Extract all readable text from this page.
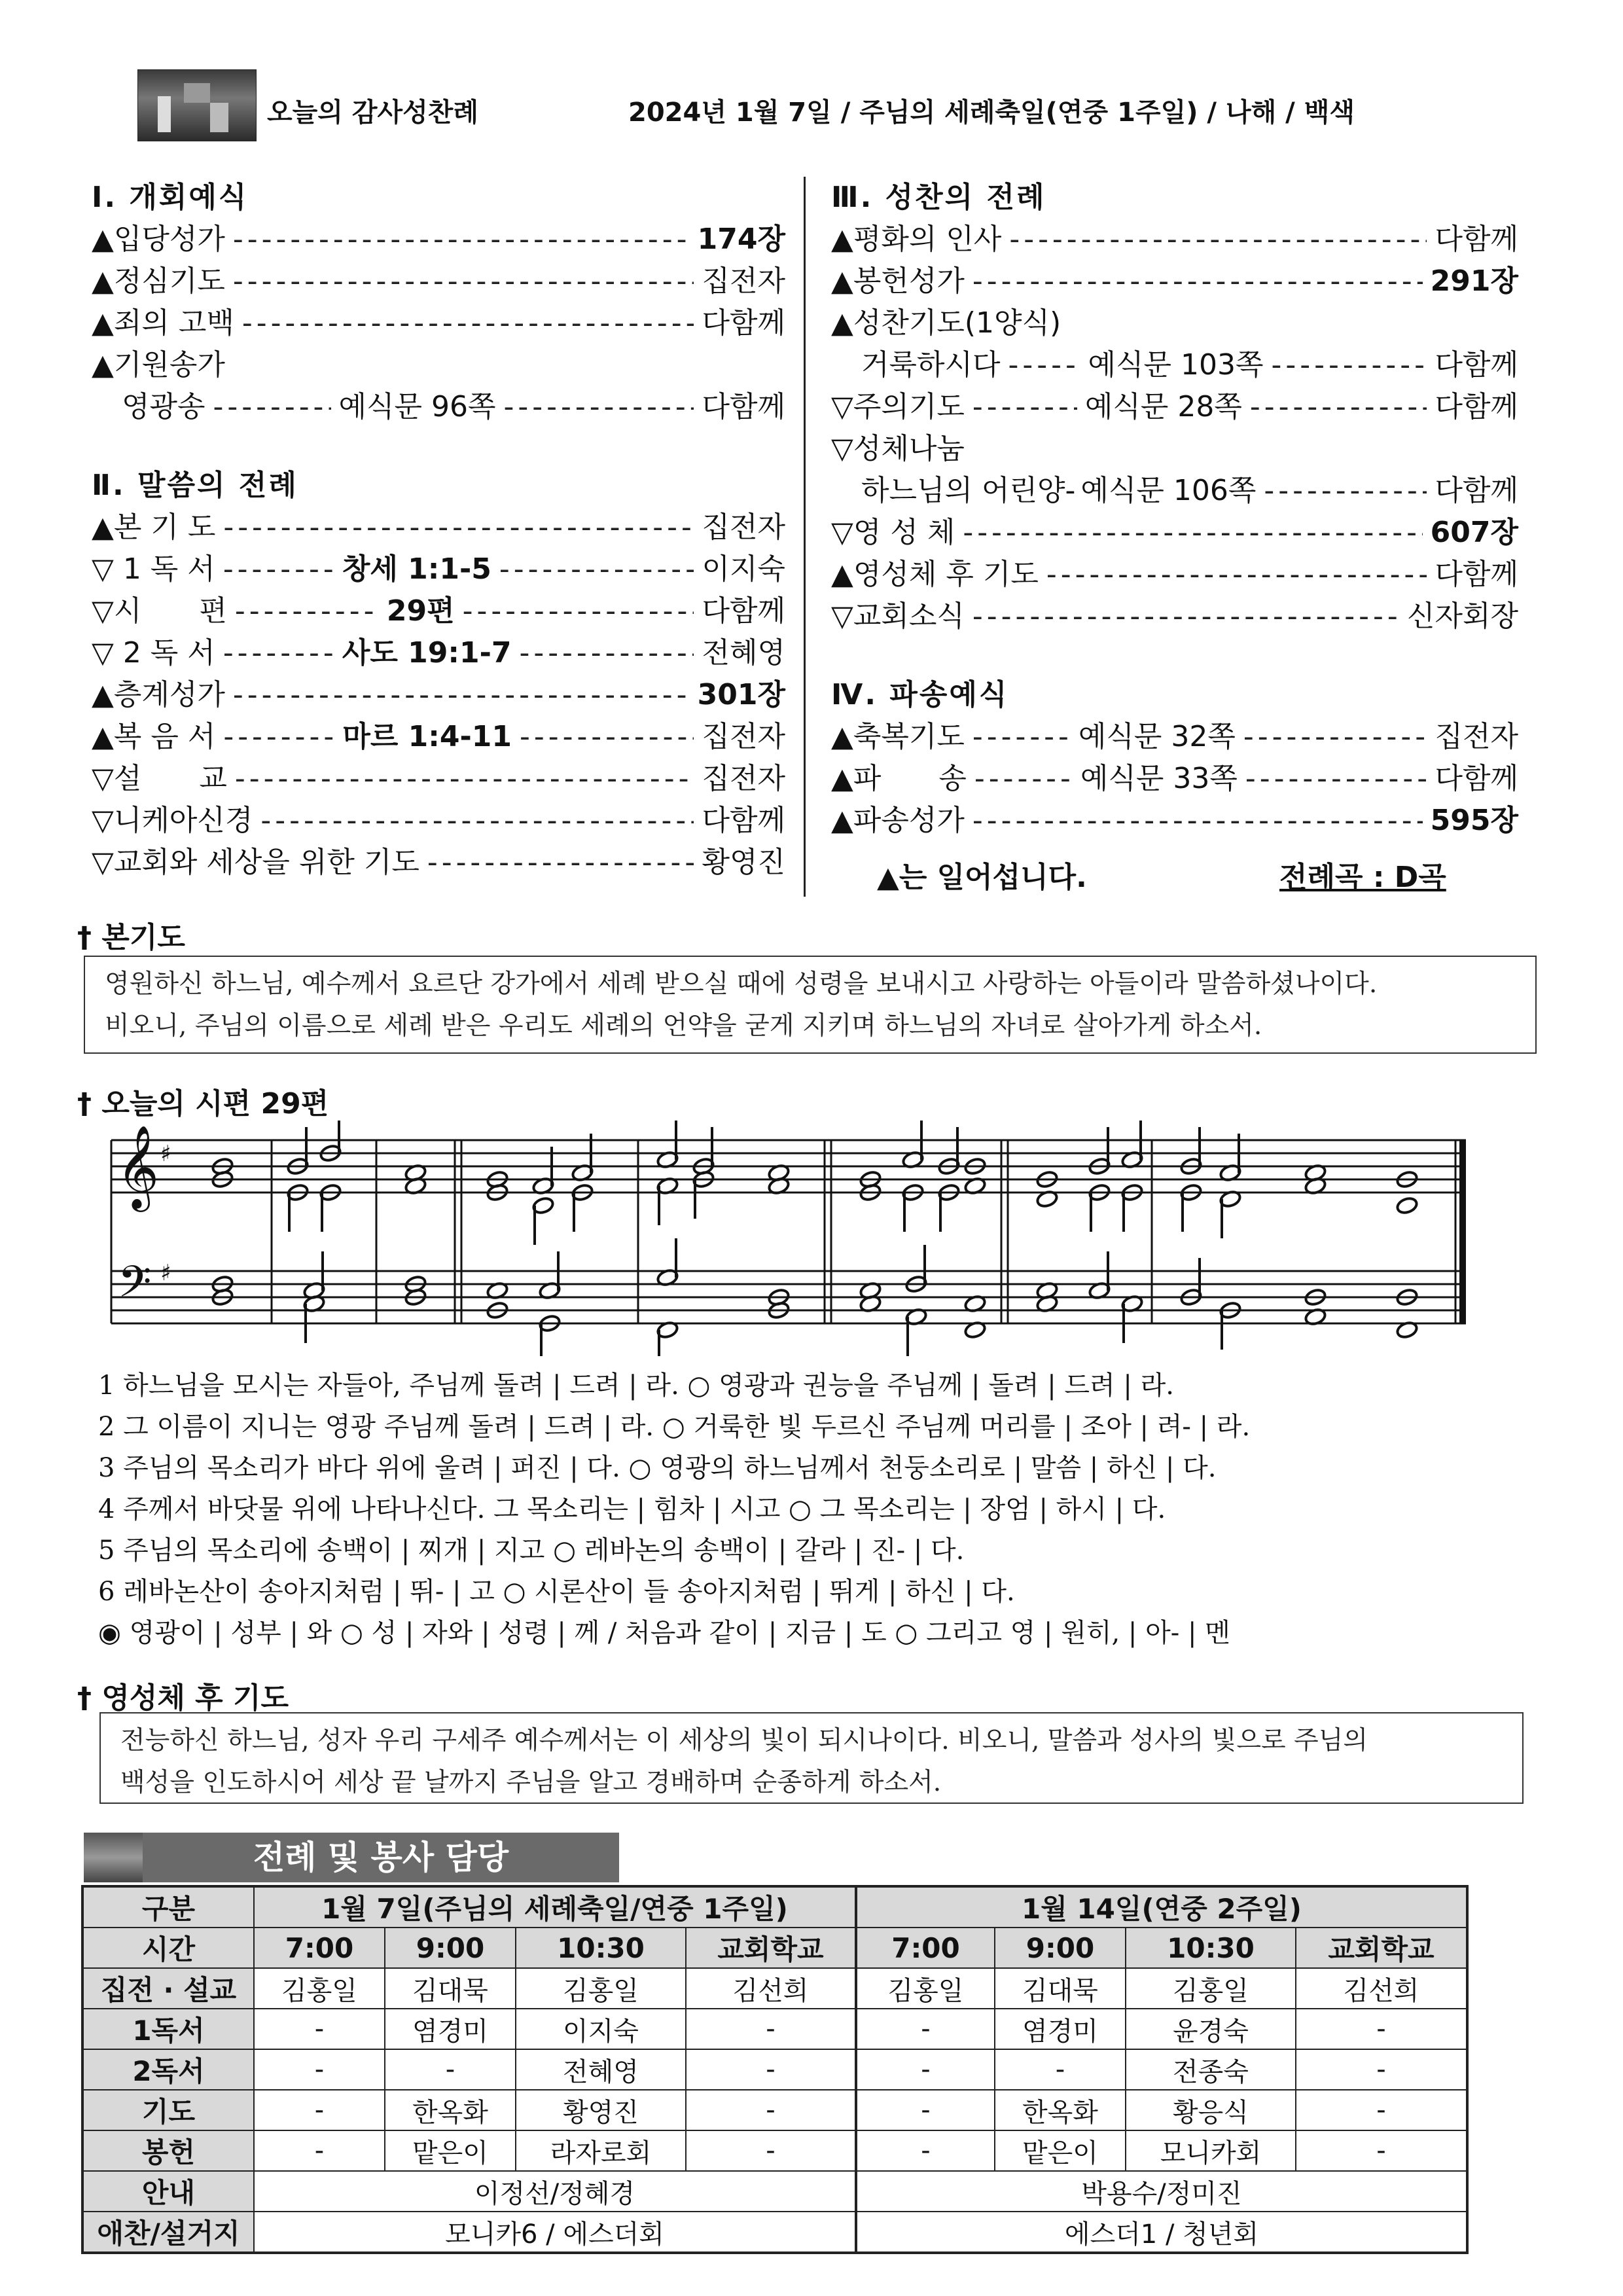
오늘의 감사성찬례	2024년 1월 7일 / 주님의 세례축일(연중 1주일) / 나해 / 백색
Ⅰ. 개회예식
▲입당성가 - - -	174장
▲정심기도 - - -	집전자
▲죄의 고백 - - -	다함께
▲기원송가
영광송 - - -	예식문 96쪽 - - -	다함께
Ⅱ. 말씀의 전례
▲본 기 도 - - -	집전자
▽ 1 독 서 - - -	창세 1:1-5 - - -	이지숙
▽시　　편 - - -	29편 - - -	다함께
▽ 2 독 서 - - -	사도 19:1-7 - - -	전혜영
▲층계성가 - - -	301장
▲복 음 서 - - -	마르 1:4-11 - - -	집전자
▽설　　교 - - -	집전자
▽니케아신경 - - -	다함께
▽교회와 세상을 위한 기도 - - -	황영진
Ⅲ. 성찬의 전례
▲평화의 인사 - - -	다함께
▲봉헌성가 - - -	291장
▲성찬기도(1양식)
거룩하시다 - - -	예식문 103쪽 - - -	다함께
▽주의기도 - - -	예식문 28쪽 - - -	다함께
▽성체나눔
하느님의 어린양- 예식문 106쪽 - - -	다함께
▽영 성 체 - - -	607장
▲영성체 후 기도 - - -	다함께
▽교회소식 - - -	신자회장
Ⅳ. 파송예식
▲축복기도 - - -	예식문 32쪽 - - -	집전자
▲파　　송 - - -	예식문 33쪽 - - -	다함께
▲파송성가 - - -	595장
▲는 일어섭니다.	전례곡 : D곡
† 본기도
영원하신 하느님, 예수께서 요르단 강가에서 세례 받으실 때에 성령을 보내시고 사랑하는 아들이라 말씀하셨나이다.
비오니, 주님의 이름으로 세례 받은 우리도 세례의 언약을 굳게 지키며 하느님의 자녀로 살아가게 하소서.
† 오늘의 시편 29편
𝄞 ♯
𝄢 ♯
1 하느님을 모시는 자들아, 주님께 돌려 | 드려 | 라. ○ 영광과 권능을 주님께 | 돌려 | 드려 | 라.
2 그 이름이 지니는 영광 주님께 돌려 | 드려 | 라. ○ 거룩한 빛 두르신 주님께 머리를 | 조아 | 려- | 라.
3 주님의 목소리가 바다 위에 울려 | 퍼진 | 다. ○ 영광의 하느님께서 천둥소리로 | 말씀 | 하신 | 다.
4 주께서 바닷물 위에 나타나신다. 그 목소리는 | 힘차 | 시고 ○ 그 목소리는 | 장엄 | 하시 | 다.
5 주님의 목소리에 송백이 | 찌개 | 지고 ○ 레바논의 송백이 | 갈라 | 진- | 다.
6 레바논산이 송아지처럼 | 뛰- | 고 ○ 시론산이 들 송아지처럼 | 뛰게 | 하신 | 다.
◉ 영광이 | 성부 | 와 ○ 성 | 자와 | 성령 | 께 / 처음과 같이 | 지금 | 도 ○ 그리고 영 | 원히, | 아- | 멘
† 영성체 후 기도
전능하신 하느님, 성자 우리 구세주 예수께서는 이 세상의 빛이 되시나이다. 비오니, 말씀과 성사의 빛으로 주님의
백성을 인도하시어 세상 끝 날까지 주님을 알고 경배하며 순종하게 하소서.
전례 및 봉사 담당
구분	1월 7일(주님의 세례축일/연중 1주일)				1월 14일(연중 2주일)			
시간	7:00	9:00	10:30	교회학교	7:00	9:00	10:30	교회학교
집전 · 설교	김홍일	김대묵	김홍일	김선희	김홍일	김대묵	김홍일	김선희
1독서	-	염경미	이지숙	-	-	염경미	윤경숙	-
2독서	-	-	전혜영	-	-	-	전종숙	-
기도	-	한옥화	황영진	-	-	한옥화	황응식	-
봉헌	-	맡은이	라자로회	-	-	맡은이	모니카회	-
안내	이정선/정혜경				박용수/정미진			
애찬/설거지	모니카6 / 에스더회				에스더1 / 청년회			
